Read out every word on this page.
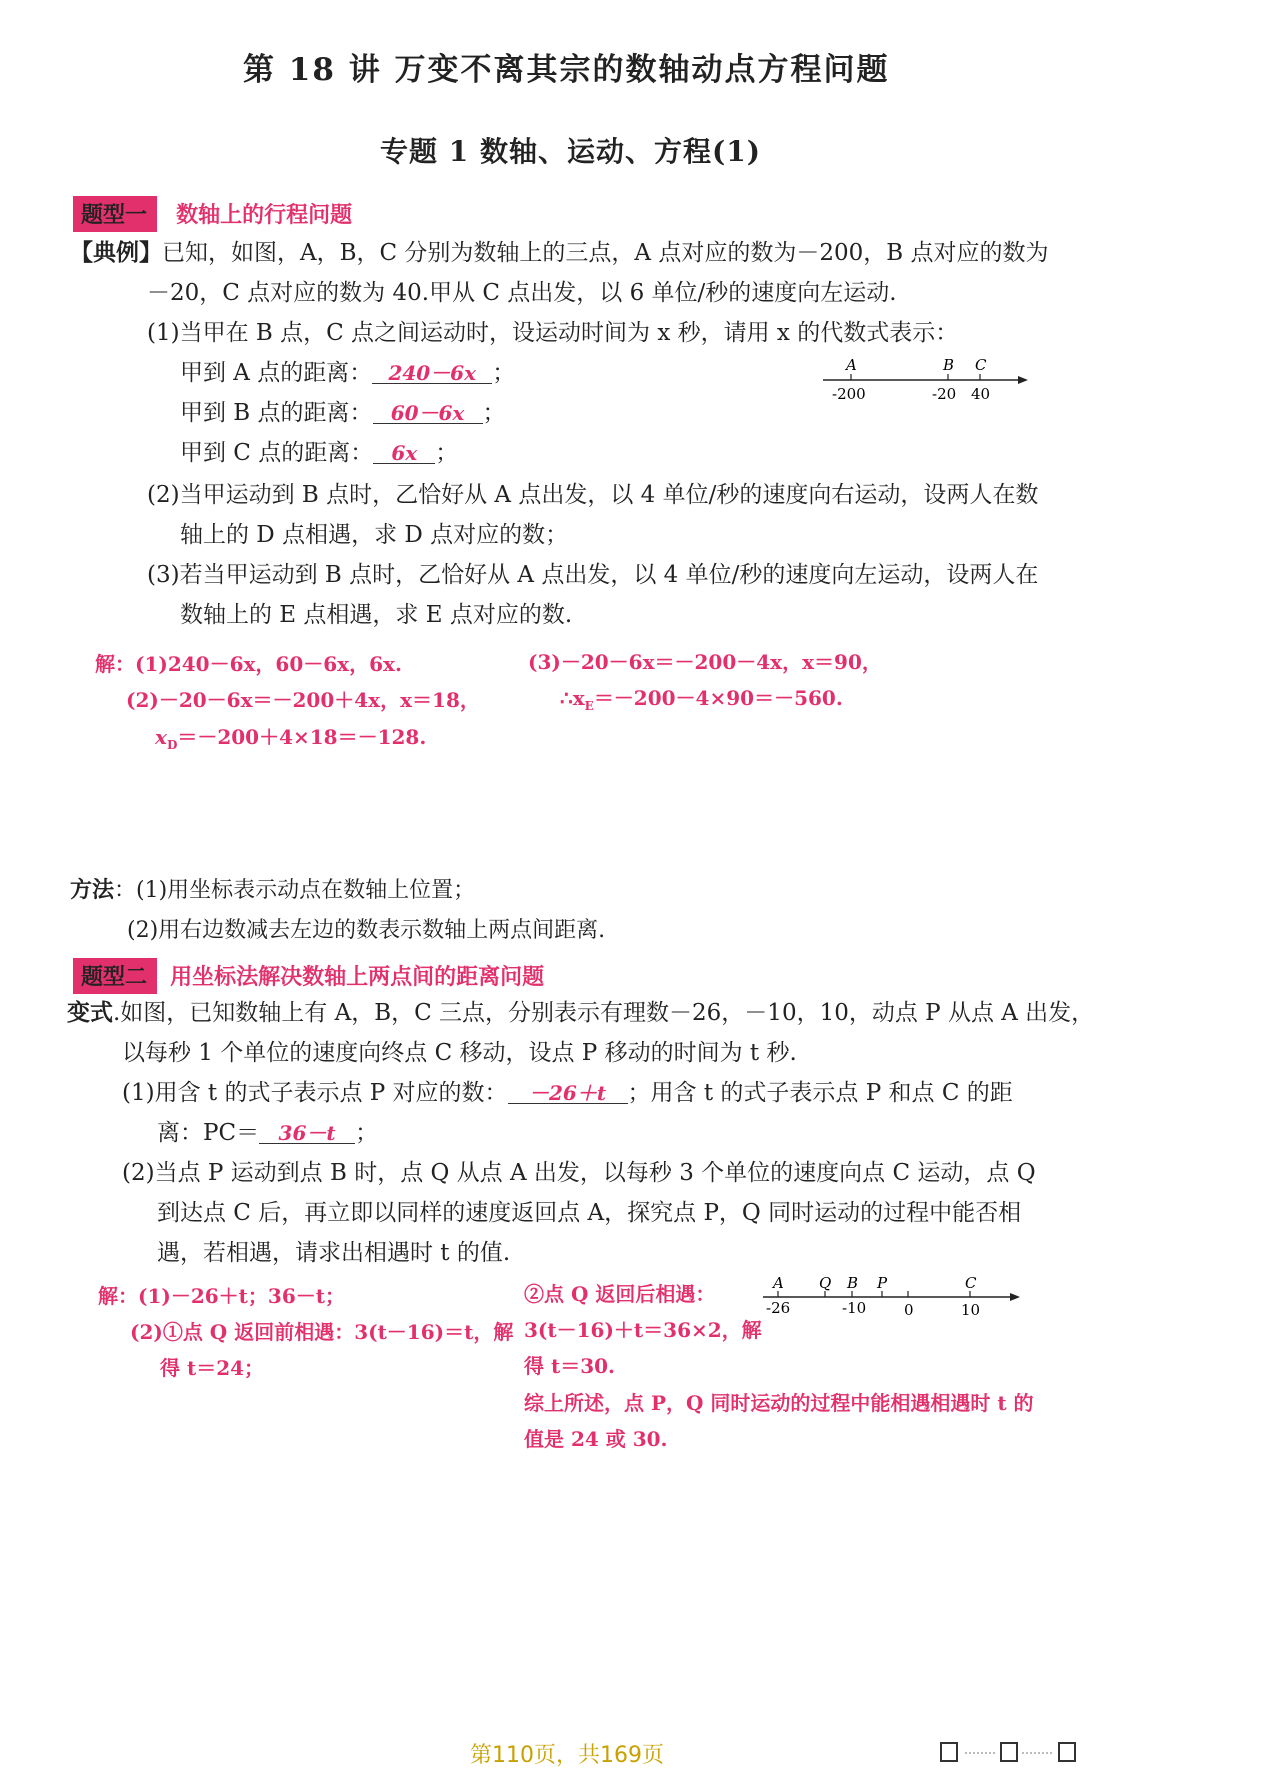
第 18 讲 万变不离其宗的数轴动点方程问题
专题 1 数轴、运动、方程(1)
题型一 数轴上的行程问题
【典例】已知，如图，A，B，C 分别为数轴上的三点，A 点对应的数为－200，B 点对应的数为
－20，C 点对应的数为 40.甲从 C 点出发，以 6 单位/秒的速度向左运动.
(1)当甲在 B 点，C 点之间运动时，设运动时间为 x 秒，请用 x 的代数式表示：
甲到 A 点的距离： 240－6x ；
甲到 B 点的距离： 60－6x ；
甲到 C 点的距离： 6x ；
A	B C
-200	-20 40
(2)当甲运动到 B 点时，乙恰好从 A 点出发，以 4 单位/秒的速度向右运动，设两人在数
轴上的 D 点相遇，求 D 点对应的数；
(3)若当甲运动到 B 点时，乙恰好从 A 点出发，以 4 单位/秒的速度向左运动，设两人在
数轴上的 E 点相遇，求 E 点对应的数.
解：(1)240－6x，60－6x，6x.
(2)－20－6x＝－200＋4x，x＝18，
$x_D=-200+4\times 18=-128$.
(3)－20－6x＝－200－4x，x＝90，
$\therefore x_E=-200-4\times 90=-560$.
方法：(1)用坐标表示动点在数轴上位置；
(2)用右边数减去左边的数表示数轴上两点间距离.
题型二 用坐标法解决数轴上两点间的距离问题
变式.如图，已知数轴上有 A，B，C 三点，分别表示有理数－26，－10，10，动点 P 从点 A 出发，
以每秒 1 个单位的速度向终点 C 移动，设点 P 移动的时间为 t 秒.
(1)用含 t 的式子表示点 P 对应的数： －26＋t ；用含 t 的式子表示点 P 和点 C 的距
离：PC＝ 36－t ；
(2)当点 P 运动到点 B 时，点 Q 从点 A 出发，以每秒 3 个单位的速度向点 C 运动，点 Q
到达点 C 后，再立即以同样的速度返回点 A，探究点 P，Q 同时运动的过程中能否相
遇，若相遇，请求出相遇时 t 的值.
解：(1)－26＋t；36－t；
(2)①点 Q 返回前相遇：3(t－16)＝t，解
得 t＝24；
②点 Q 返回后相遇：
3(t－16)＋t＝36×2，解
得 t＝30.
综上所述，点 P，Q 同时运动的过程中能相遇相遇时 t 的
值是 24 或 30.
A Q B P	C
-26	-10	0	10
第110页，共169页
